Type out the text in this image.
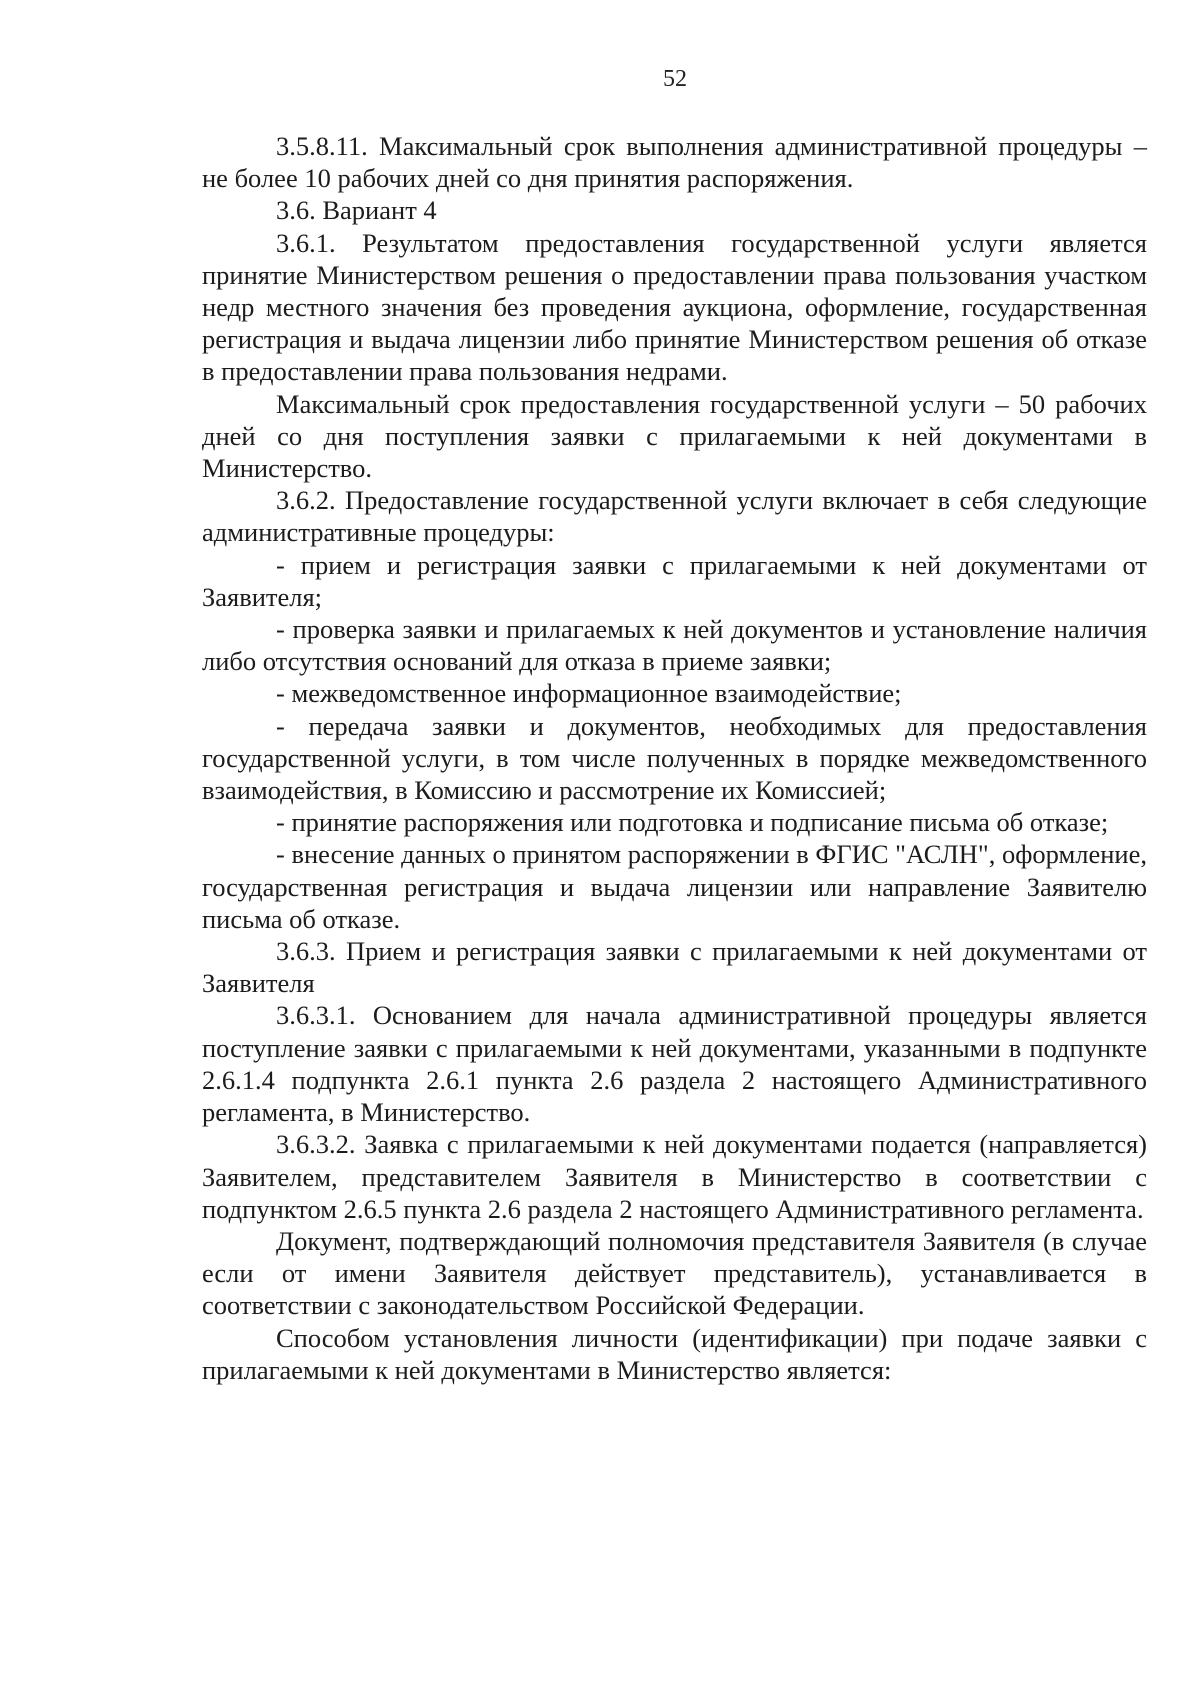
52

3.5.8.11. Максимальный срок выполнения административной процедуры – не более 10 рабочих дней со дня принятия распоряжения.

3.6. Вариант 4

3.6.1. Результатом предоставления государственной услуги является принятие Министерством решения о предоставлении права пользования участком недр местного значения без проведения аукциона, оформление, государственная регистрация и выдача лицензии либо принятие Министерством решения об отказе в предоставлении права пользования недрами.

Максимальный срок предоставления государственной услуги – 50 рабочих дней со дня поступления заявки с прилагаемыми к ней документами в Министерство.

3.6.2. Предоставление государственной услуги включает в себя следующие административные процедуры:

- прием и регистрация заявки с прилагаемыми к ней документами от Заявителя;

- проверка заявки и прилагаемых к ней документов и установление наличия либо отсутствия оснований для отказа в приеме заявки;

- межведомственное информационное взаимодействие;

- передача заявки и документов, необходимых для предоставления государственной услуги, в том числе полученных в порядке межведомственного взаимодействия, в Комиссию и рассмотрение их Комиссией;

- принятие распоряжения или подготовка и подписание письма об отказе;

- внесение данных о принятом распоряжении в ФГИС "АСЛН", оформление, государственная регистрация и выдача лицензии или направление Заявителю письма об отказе.

3.6.3. Прием и регистрация заявки с прилагаемыми к ней документами от Заявителя

3.6.3.1. Основанием для начала административной процедуры является поступление заявки с прилагаемыми к ней документами, указанными в подпункте 2.6.1.4 подпункта 2.6.1 пункта 2.6 раздела 2 настоящего Административного регламента, в Министерство.

3.6.3.2. Заявка с прилагаемыми к ней документами подается (направляется) Заявителем, представителем Заявителя в Министерство в соответствии с подпунктом 2.6.5 пункта 2.6 раздела 2 настоящего Административного регламента.

Документ, подтверждающий полномочия представителя Заявителя (в случае если от имени Заявителя действует представитель), устанавливается в соответствии с законодательством Российской Федерации.

Способом установления личности (идентификации) при подаче заявки с прилагаемыми к ней документами в Министерство является:
